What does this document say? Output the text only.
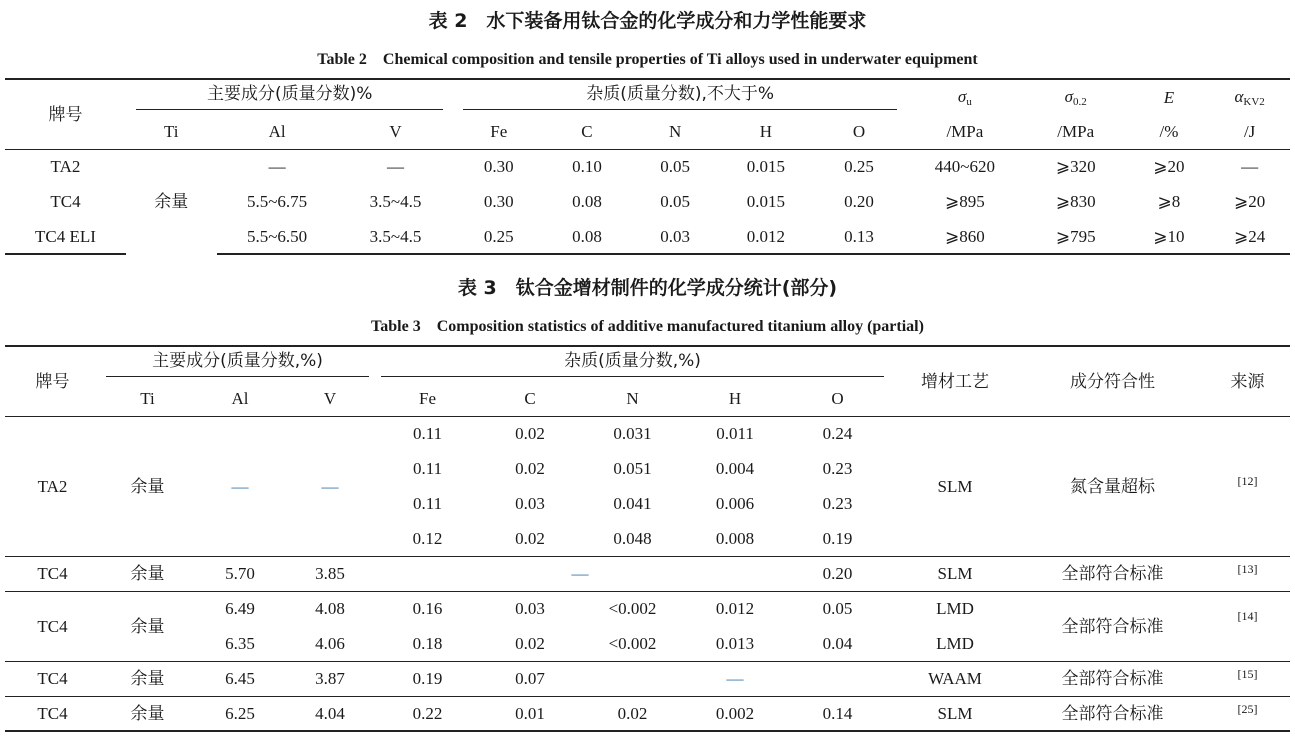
表 2　水下装备用钛合金的化学成分和力学性能要求
Table 2　Chemical composition and tensile properties of Ti alloys used in underwater equipment
牌号	主要成分(质量分数)%			杂质(质量分数),不大于%					$\sigma_u$	$\sigma_{0.2}$	E	$\alpha_{KV2}$
	Ti	Al	V	Fe	C	N	H	O	/MPa	/MPa	/%	/J
TA2	余量	—	—	0.30	0.10	0.05	0.015	0.25	440~620	⩾320	⩾20	—
TC4		5.5~6.75	3.5~4.5	0.30	0.08	0.05	0.015	0.20	⩾895	⩾830	⩾8	⩾20
TC4 ELI		5.5~6.50	3.5~4.5	0.25	0.08	0.03	0.012	0.13	⩾860	⩾795	⩾10	⩾24
表 3　钛合金增材制件的化学成分统计(部分)
Table 3　Composition statistics of additive manufactured titanium alloy (partial)
牌号	主要成分(质量分数,%)			杂质(质量分数,%)					增材工艺	成分符合性	来源
	Ti	Al	V	Fe	C	N	H	O			
TA2	余量	—	—	0.11	0.02	0.031	0.011	0.24	SLM	氮含量超标	[12]
				0.11	0.02	0.051	0.004	0.23			
				0.11	0.03	0.041	0.006	0.23			
				0.12	0.02	0.048	0.008	0.19			
TC4	余量	5.70	3.85	—				0.20	SLM	全部符合标准	[13]
TC4	余量	6.49	4.08	0.16	0.03	<0.002	0.012	0.05	LMD	全部符合标准	[14]
		6.35	4.06	0.18	0.02	<0.002	0.013	0.04	LMD		
TC4	余量	6.45	3.87	0.19	0.07	—			WAAM	全部符合标准	[15]
TC4	余量	6.25	4.04	0.22	0.01	0.02	0.002	0.14	SLM	全部符合标准	[25]
